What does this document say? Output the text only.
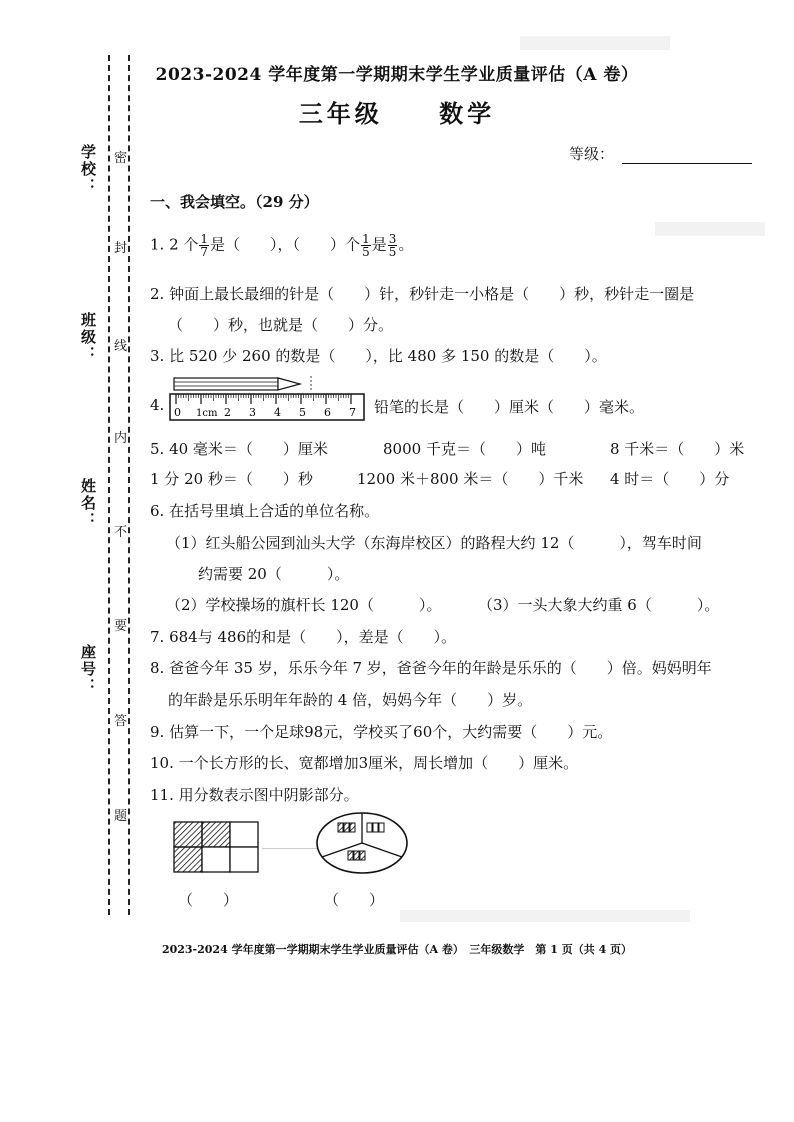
学校：
班级：
姓名：
座号：
密
封
线
内
不
要
答
题
2023-2024 学年度第一学期期末学生学业质量评估（A 卷）
三年级 数学
等级：
一、我会填空。（29 分）
1. 2 个 $\frac{1}{7}$ 是（　　），（　　）个 $\frac{1}{5}$ 是 $\frac{3}{5}$ 。
2. 钟面上最长最细的针是（　　）针，秒针走一小格是（　　）秒，秒针走一圈是
（　　）秒，也就是（　　）分。
3. 比 520 少 260 的数是（　　），比 480 多 150 的数是（　　）。
4. 0 1cm 2 3 4 5 6 7 铅笔的长是（　　）厘米（　　）毫米。
5. 40 毫米＝（　　）厘米	8000 千克＝（　　）吨	8 千米＝（　　）米
1 分 20 秒＝（　　）秒	1200 米＋800 米＝（　　）千米 4 时＝（　　）分
6. 在括号里填上合适的单位名称。
（1）红头船公园到汕头大学（东海岸校区）的路程大约 12（　　　），驾车时间
约需要 20（　　　）。
（2）学校操场的旗杆长 120（　　　）。 （3）一头大象大约重 6（　　　）。
7. 684与 486的和是（　　），差是（　　）。
8. 爸爸今年 35 岁，乐乐今年 7 岁，爸爸今年的年龄是乐乐的（　　）倍。妈妈明年
的年龄是乐乐明年年龄的 4 倍，妈妈今年（　　）岁。
9. 估算一下，一个足球98元，学校买了60个，大约需要（　　）元。
10. 一个长方形的长、宽都增加3厘米，周长增加（　　）厘米。
11. 用分数表示图中阴影部分。
（　　）	（　　）
2023-2024 学年度第一学期期末学生学业质量评估（A 卷）　三年级数学　第 1 页（共 4 页）
